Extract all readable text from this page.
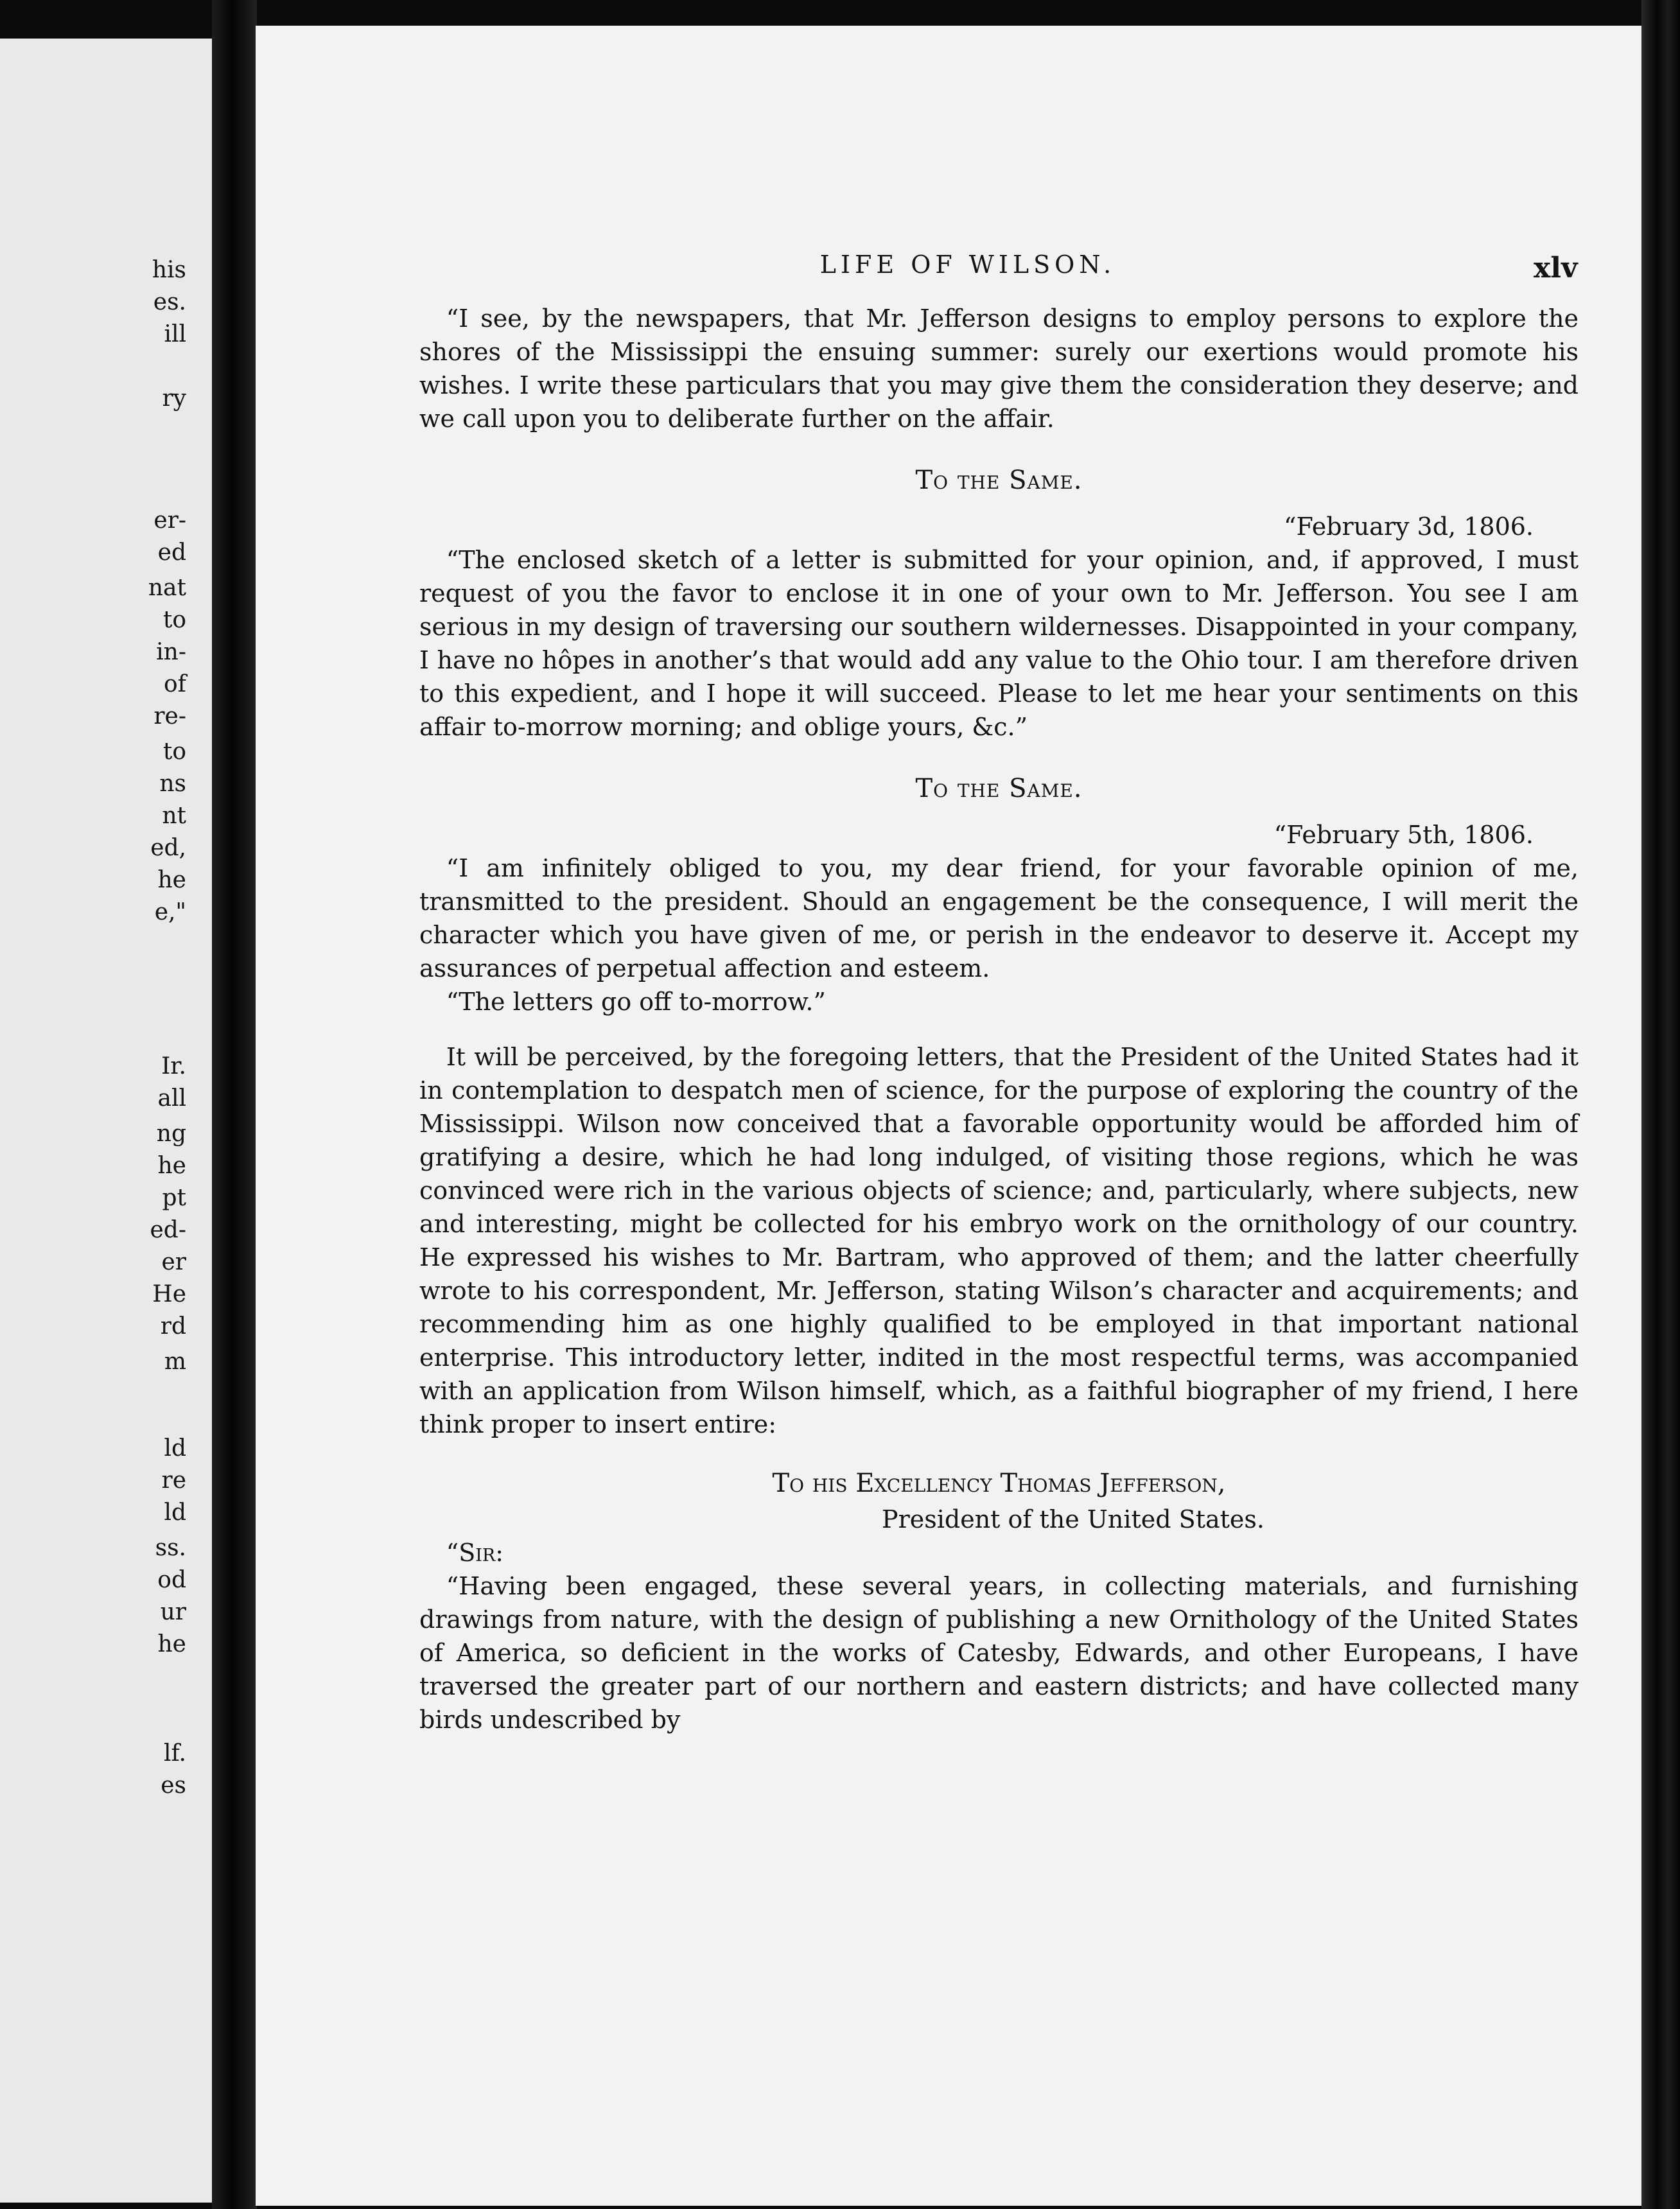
his
es.
ill
ry
er-
ed
nat
to
in-
of
re-
to
ns
nt
ed,
he
e,"
Ir.
all
ng
he
pt
ed-
er
He
rd
m
ld
re
ld
ss.
od
ur
he
lf.
es
LIFE OF WILSON.	xlv

“I see, by the newspapers, that Mr. Jefferson designs to employ persons to explore the shores of the Mississippi the ensuing summer: surely our exertions would promote his wishes. I write these particulars that you may give them the consideration they deserve; and we call upon you to deliberate further on the affair.

To the Same.
“February 3d, 1806.

“The enclosed sketch of a letter is submitted for your opinion, and, if approved, I must request of you the favor to enclose it in one of your own to Mr. Jefferson. You see I am serious in my design of traversing our southern wildernesses. Disappointed in your company, I have no hôpes in another’s that would add any value to the Ohio tour. I am therefore driven to this expedient, and I hope it will succeed. Please to let me hear your sentiments on this affair to-morrow morning; and oblige yours, &c.”

To the Same.
“February 5th, 1806.

“I am infinitely obliged to you, my dear friend, for your favorable opinion of me, transmitted to the president. Should an engagement be the consequence, I will merit the character which you have given of me, or perish in the endeavor to deserve it. Accept my assurances of perpetual affection and esteem.

“The letters go off to-morrow.”

It will be perceived, by the foregoing letters, that the President of the United States had it in contemplation to despatch men of science, for the purpose of exploring the country of the Mississippi. Wilson now conceived that a favorable opportunity would be afforded him of gratifying a desire, which he had long indulged, of visiting those regions, which he was convinced were rich in the various objects of science; and, particularly, where subjects, new and interesting, might be collected for his embryo work on the ornithology of our country. He expressed his wishes to Mr. Bartram, who approved of them; and the latter cheerfully wrote to his correspondent, Mr. Jefferson, stating Wilson’s character and acquirements; and recommending him as one highly qualified to be employed in that important national enterprise. This introductory letter, indited in the most respectful terms, was accompanied with an application from Wilson himself, which, as a faithful biographer of my friend, I here think proper to insert entire:

To his Excellency Thomas Jefferson,
President of the United States.

“Sir:

“Having been engaged, these several years, in collecting materials, and furnishing drawings from nature, with the design of publishing a new Ornithology of the United States of America, so deficient in the works of Catesby, Edwards, and other Europeans, I have traversed the greater part of our northern and eastern districts; and have collected many birds undescribed by
